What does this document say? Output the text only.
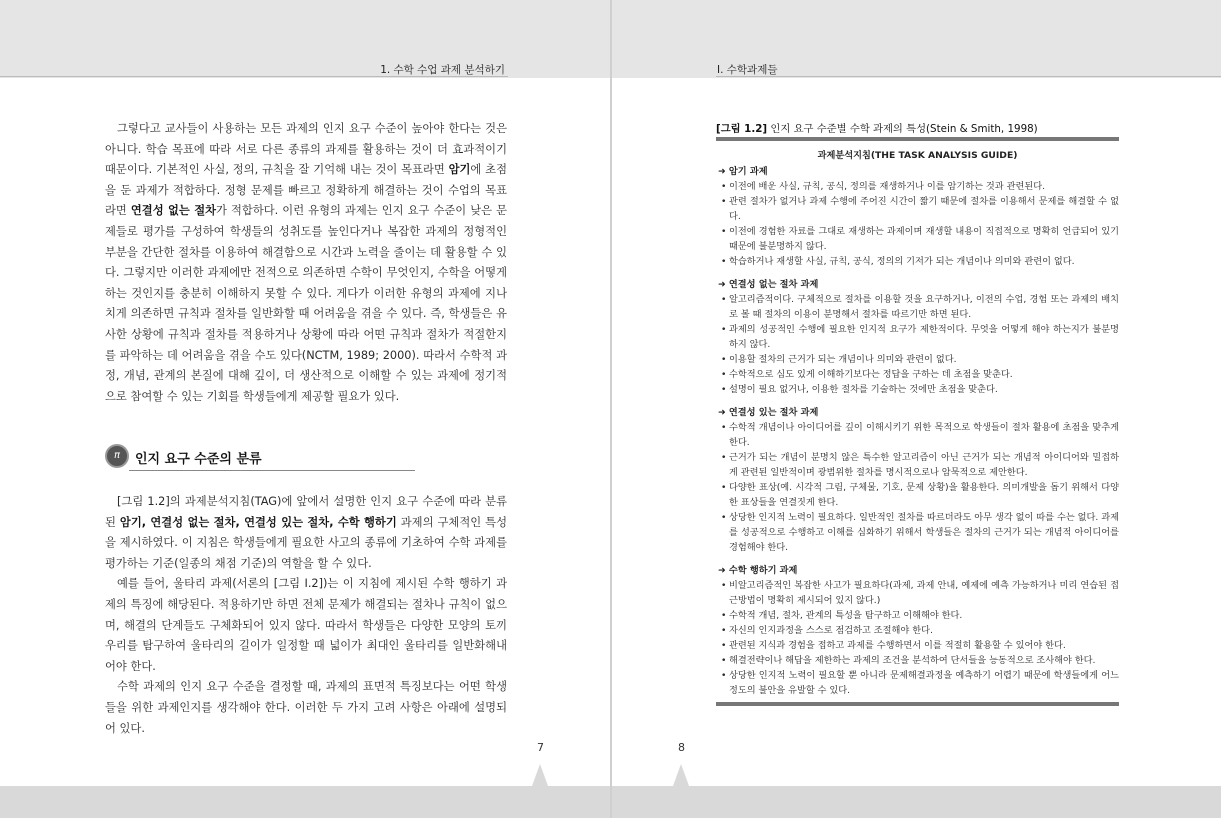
1. 수학 수업 과제 분석하기

그렇다고 교사들이 사용하는 모든 과제의 인지 요구 수준이 높아야 한다는 것은 아니다. 학습 목표에 따라 서로 다른 종류의 과제를 활용하는 것이 더 효과적이기 때문이다. 기본적인 사실, 정의, 규칙을 잘 기억해 내는 것이 목표라면 암기에 초점을 둔 과제가 적합하다. 정형 문제를 빠르고 정확하게 해결하는 것이 수업의 목표라면 연결성 없는 절차가 적합하다. 이런 유형의 과제는 인지 요구 수준이 낮은 문제들로 평가를 구성하여 학생들의 성취도를 높인다거나 복잡한 과제의 정형적인 부분을 간단한 절차를 이용하여 해결함으로 시간과 노력을 줄이는 데 활용할 수 있다. 그렇지만 이러한 과제에만 전적으로 의존하면 수학이 무엇인지, 수학을 어떻게 하는 것인지를 충분히 이해하지 못할 수 있다. 게다가 이러한 유형의 과제에 지나치게 의존하면 규칙과 절차를 일반화할 때 어려움을 겪을 수 있다. 즉, 학생들은 유사한 상황에 규칙과 절차를 적용하거나 상황에 따라 어떤 규칙과 절차가 적절한지를 파악하는 데 어려움을 겪을 수도 있다(NCTM, 1989; 2000). 따라서 수학적 과정, 개념, 관계의 본질에 대해 깊이, 더 생산적으로 이해할 수 있는 과제에 정기적으로 참여할 수 있는 기회를 학생들에게 제공할 필요가 있다.

π	인지 요구 수준의 분류

[그림 1.2]의 과제분석지침(TAG)에 앞에서 설명한 인지 요구 수준에 따라 분류된 암기, 연결성 없는 절차, 연결성 있는 절차, 수학 행하기 과제의 구체적인 특성을 제시하였다. 이 지침은 학생들에게 필요한 사고의 종류에 기초하여 수학 과제를 평가하는 기준(일종의 채점 기준)의 역할을 할 수 있다.

예를 들어, 울타리 과제(서론의 [그림 I.2])는 이 지침에 제시된 수학 행하기 과제의 특징에 해당된다. 적용하기만 하면 전체 문제가 해결되는 절차나 규칙이 없으며, 해결의 단계들도 구체화되어 있지 않다. 따라서 학생들은 다양한 모양의 토끼 우리를 탐구하여 울타리의 길이가 일정할 때 넓이가 최대인 울타리를 일반화해내어야 한다.

수학 과제의 인지 요구 수준을 결정할 때, 과제의 표면적 특징보다는 어떤 학생들을 위한 과제인지를 생각해야 한다. 이러한 두 가지 고려 사항은 아래에 설명되어 있다.

7
I. 수학과제들
[그림 1.2] 인지 요구 수준별 수학 과제의 특성(Stein & Smith, 1998)
과제분석지침(THE TASK ANALYSIS GUIDE)
➜ 암기 과제
• 이전에 배운 사실, 규칙, 공식, 정의를 재생하거나 이를 암기하는 것과 관련된다.
• 관련 절차가 없거나 과제 수행에 주어진 시간이 짧기 때문에 절차를 이용해서 문제를 해결할 수 없다.
• 이전에 경험한 자료를 그대로 재생하는 과제이며 재생할 내용이 직접적으로 명확히 언급되어 있기 때문에 불분명하지 않다.
• 학습하거나 재생할 사실, 규칙, 공식, 정의의 기저가 되는 개념이나 의미와 관련이 없다.
➜ 연결성 없는 절차 과제
• 알고리즘적이다. 구체적으로 절차를 이용할 것을 요구하거나, 이전의 수업, 경험 또는 과제의 배치로 볼 때 절차의 이용이 분명해서 절차를 따르기만 하면 된다.
• 과제의 성공적인 수행에 필요한 인지적 요구가 제한적이다. 무엇을 어떻게 해야 하는지가 불분명하지 않다.
• 이용할 절차의 근거가 되는 개념이나 의미와 관련이 없다.
• 수학적으로 심도 있게 이해하기보다는 정답을 구하는 데 초점을 맞춘다.
• 설명이 필요 없거나, 이용한 절차를 기술하는 것에만 초점을 맞춘다.
➜ 연결성 있는 절차 과제
• 수학적 개념이나 아이디어를 깊이 이해시키기 위한 목적으로 학생들이 절차 활용에 초점을 맞추게 한다.
• 근거가 되는 개념이 분명치 않은 특수한 알고리즘이 아닌 근거가 되는 개념적 아이디어와 밀접하게 관련된 일반적이며 광범위한 절차를 명시적으로나 암묵적으로 제안한다.
• 다양한 표상(예. 시각적 그림, 구체물, 기호, 문제 상황)을 활용한다. 의미개발을 돕기 위해서 다양한 표상들을 연결짓게 한다.
• 상당한 인지적 노력이 필요하다. 일반적인 절차를 따르더라도 아무 생각 없이 따를 수는 없다. 과제를 성공적으로 수행하고 이해를 심화하기 위해서 학생들은 절차의 근거가 되는 개념적 아이디어를 경험해야 한다.
➜ 수학 행하기 과제
• 비알고리즘적인 복잡한 사고가 필요하다(과제, 과제 안내, 예제에 예측 가능하거나 미리 연습된 접근방법이 명확히 제시되어 있지 않다.)
• 수학적 개념, 절차, 관계의 특성을 탐구하고 이해해야 한다.
• 자신의 인지과정을 스스로 점검하고 조절해야 한다.
• 관련된 지식과 경험을 접하고 과제를 수행하면서 이를 적절히 활용할 수 있어야 한다.
• 해결전략이나 해답을 제한하는 과제의 조건을 분석하여 단서들을 능동적으로 조사해야 한다.
• 상당한 인지적 노력이 필요할 뿐 아니라 문제해결과정을 예측하기 어렵기 때문에 학생들에게 어느 정도의 불안을 유발할 수 있다.
8
